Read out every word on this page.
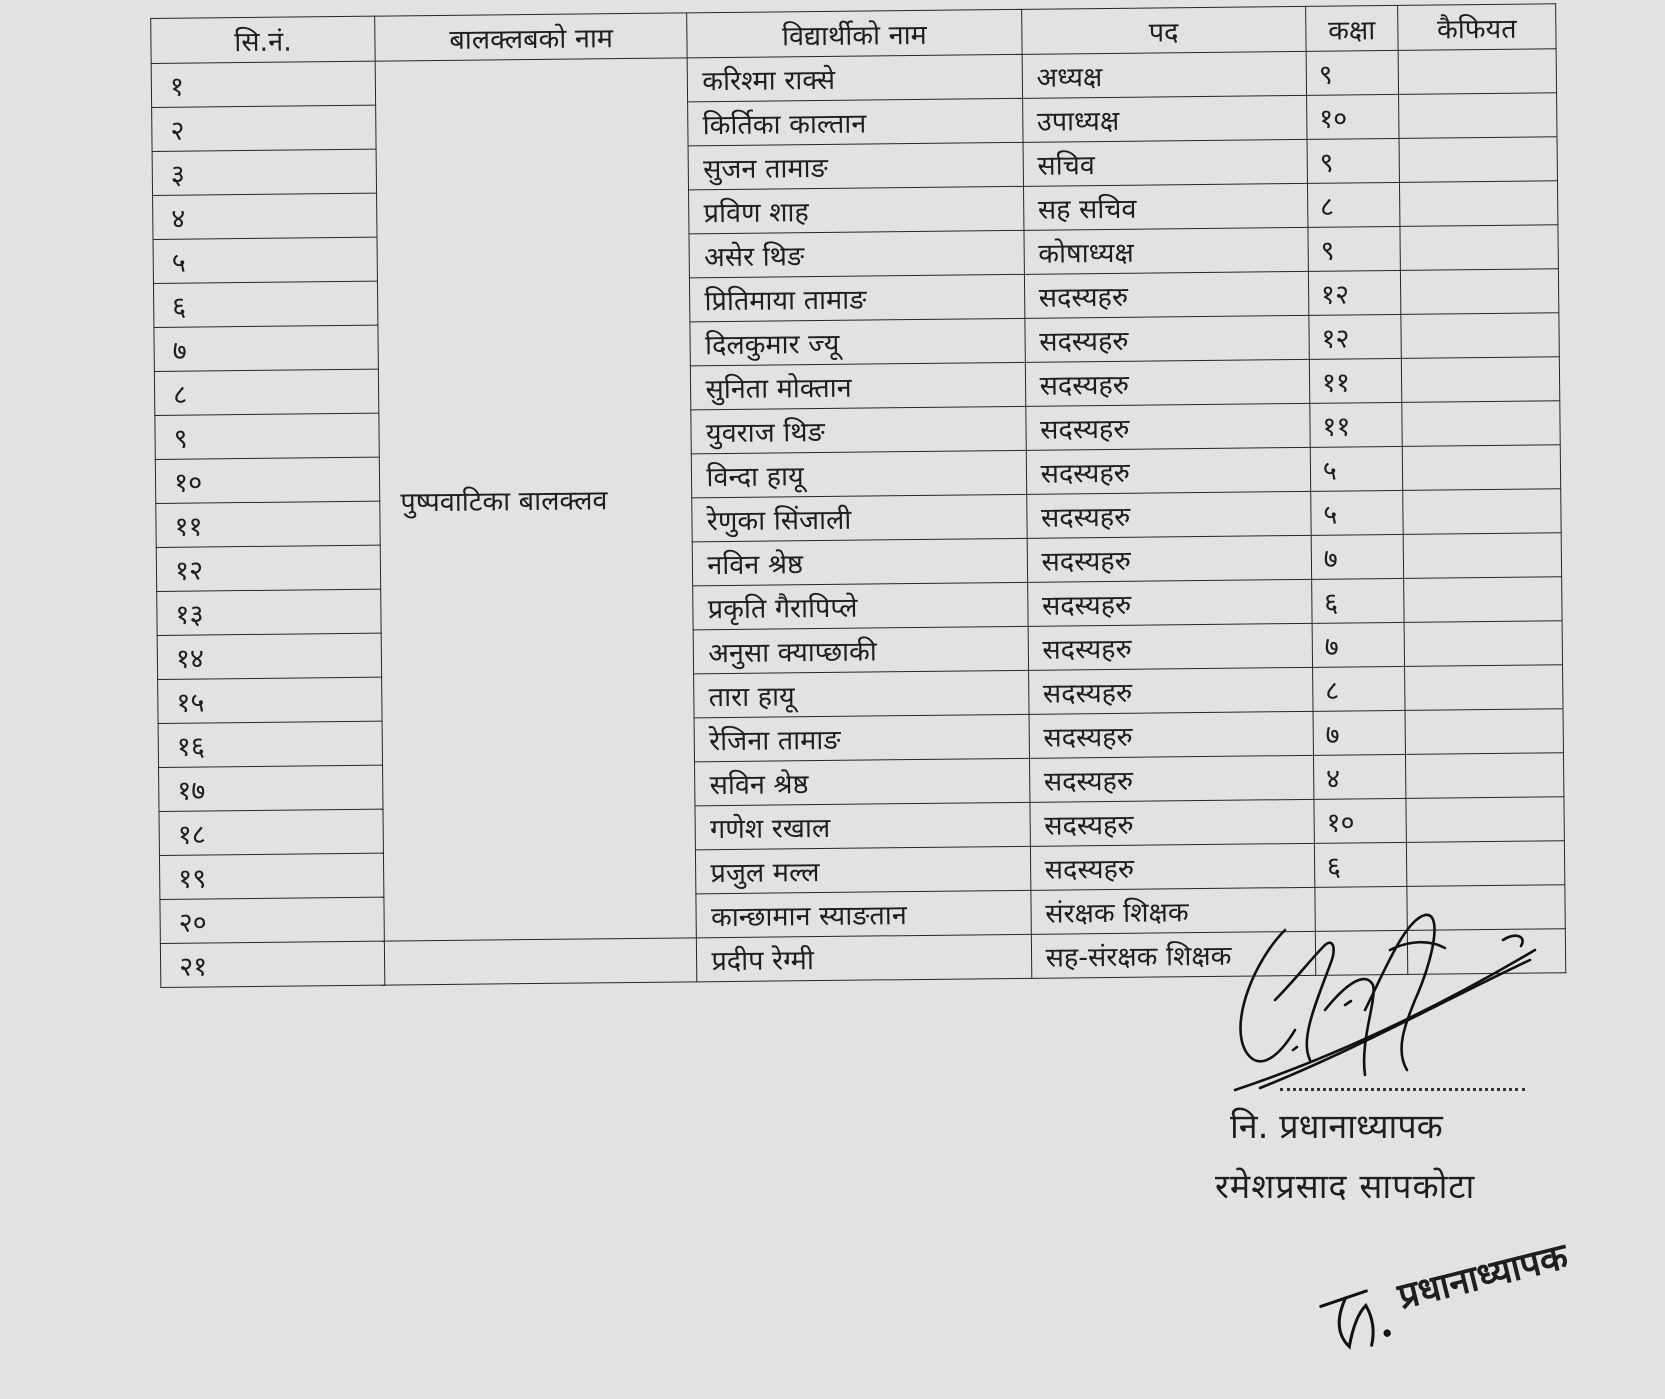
सि.नं.	बालक्लबको नाम	विद्यार्थीको नाम	पद	कक्षा	कैफियत
१	पुष्पवाटिका बालक्लव	करिश्मा राक्से	अध्यक्ष	९	
२		किर्तिका काल्तान	उपाध्यक्ष	१०	
३		सुजन तामाङ	सचिव	९	
४		प्रविण शाह	सह सचिव	८	
५		असेर थिङ	कोषाध्यक्ष	९	
६		प्रितिमाया तामाङ	सदस्यहरु	१२	
७		दिलकुमार ज्यू	सदस्यहरु	१२	
८		सुनिता मोक्तान	सदस्यहरु	११	
९		युवराज थिङ	सदस्यहरु	११	
१०		विन्दा हायू	सदस्यहरु	५	
११		रेणुका सिंजाली	सदस्यहरु	५	
१२		नविन श्रेष्ठ	सदस्यहरु	७	
१३		प्रकृति गैरापिप्ले	सदस्यहरु	६	
१४		अनुसा क्याप्छाकी	सदस्यहरु	७	
१५		तारा हायू	सदस्यहरु	८	
१६		रेजिना तामाङ	सदस्यहरु	७	
१७		सविन श्रेष्ठ	सदस्यहरु	४	
१८		गणेश रखाल	सदस्यहरु	१०	
१९		प्रजुल मल्ल	सदस्यहरु	६	
२०		कान्छामान स्याङतान	संरक्षक शिक्षक		
२१		प्रदीप रेग्मी	सह-संरक्षक शिक्षक		
नि. प्रधानाध्यापक
रमेशप्रसाद सापकोटा
प्रधानाध्यापक
